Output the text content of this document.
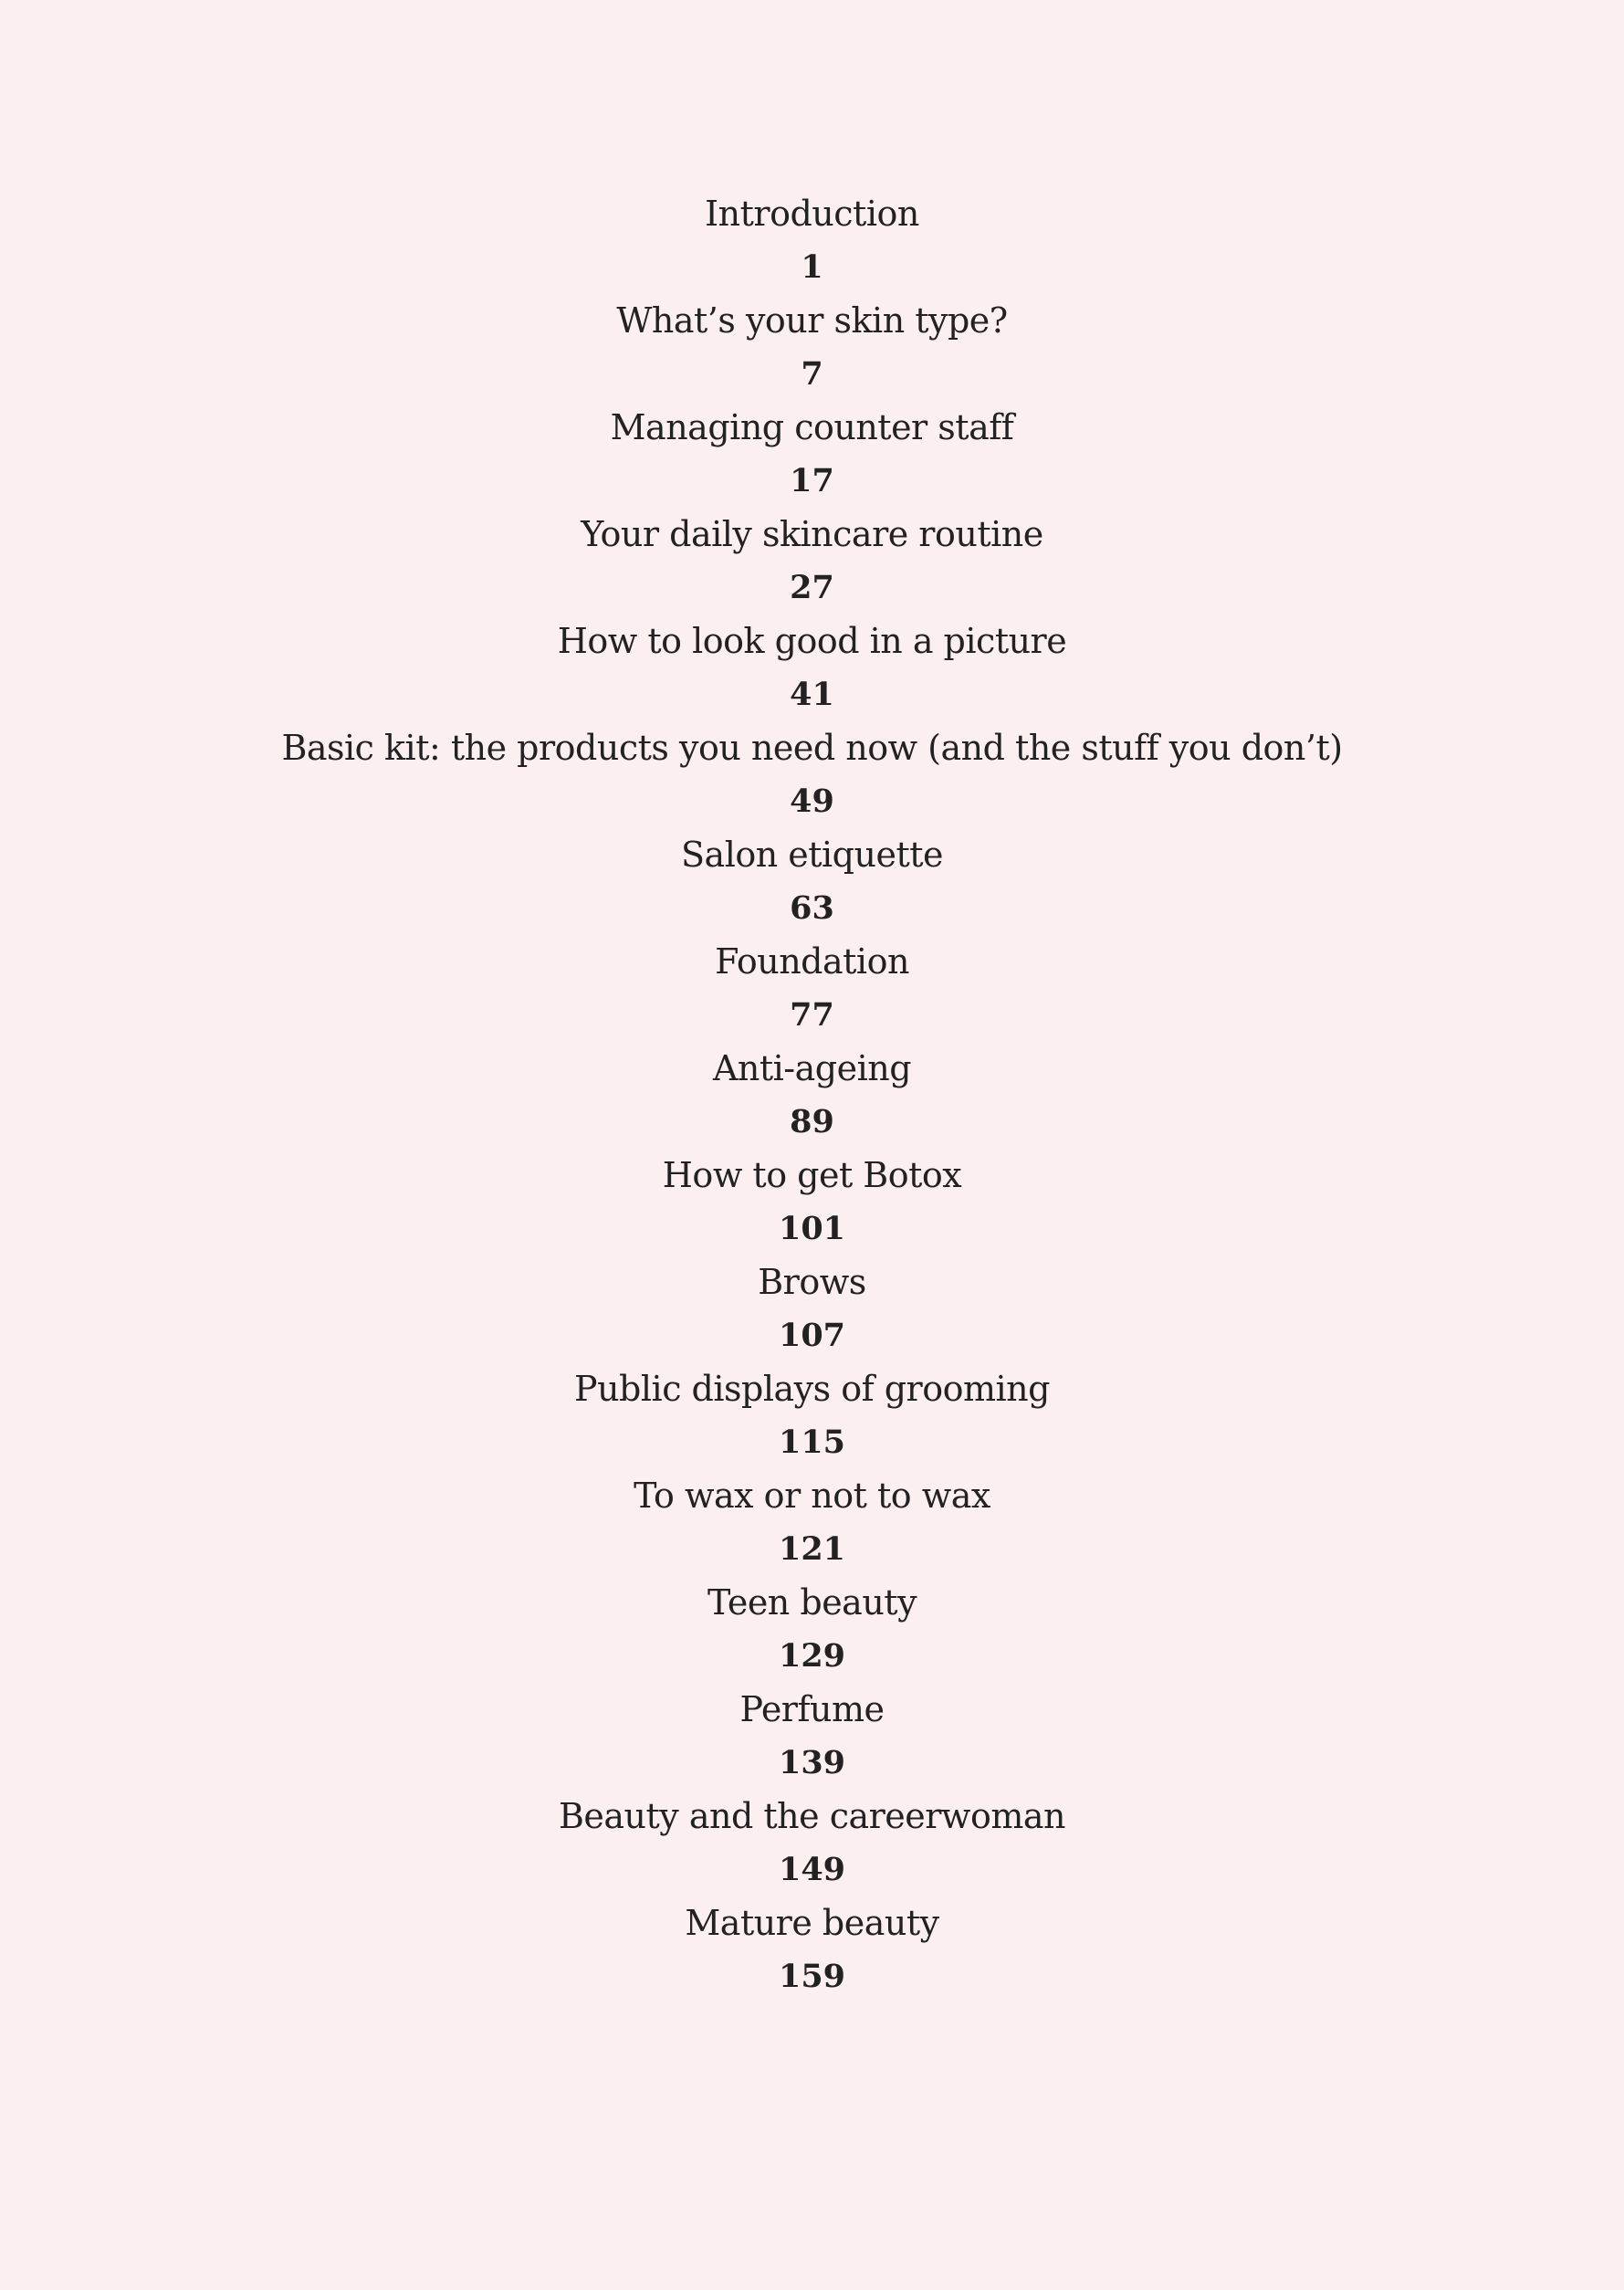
Introduction
1
What’s your skin type?
7
Managing counter staff
17
Your daily skincare routine
27
How to look good in a picture
41
Basic kit: the products you need now (and the stuff you don’t)
49
Salon etiquette
63
Foundation
77
Anti-ageing
89
How to get Botox
101
Brows
107
Public displays of grooming
115
To wax or not to wax
121
Teen beauty
129
Perfume
139
Beauty and the careerwoman
149
Mature beauty
159
